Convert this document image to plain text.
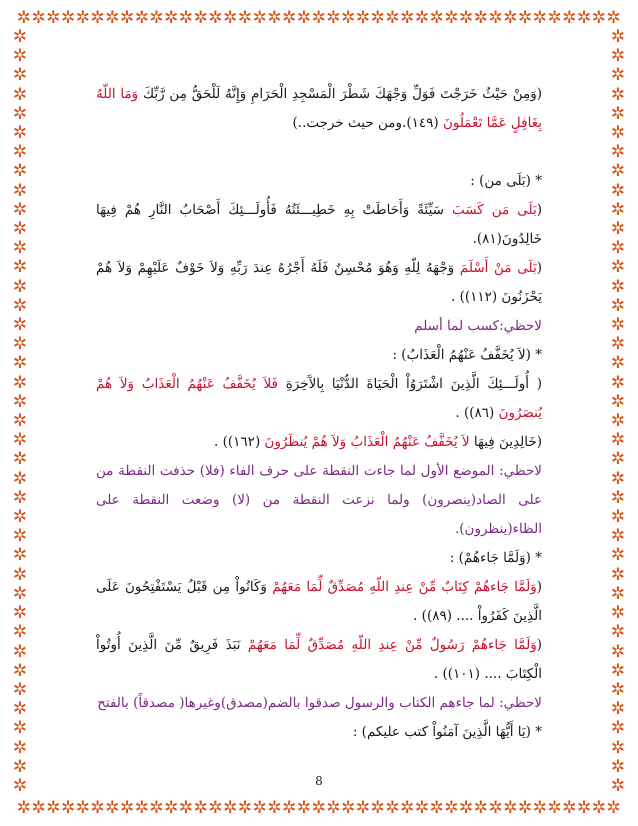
✲✲✲✲✲✲✲✲✲✲✲✲✲✲✲✲✲✲✲✲✲✲✲✲✲✲✲✲✲✲✲✲✲✲✲✲✲✲✲✲✲
✲✲✲✲✲✲✲✲✲✲✲✲✲✲✲✲✲✲✲✲✲✲✲✲✲✲✲✲✲✲✲✲✲✲✲✲✲✲✲✲✲
✲
✲
✲
✲
✲
✲
✲
✲
✲
✲
✲
✲
✲
✲
✲
✲
✲
✲
✲
✲
✲
✲
✲
✲
✲
✲
✲
✲
✲
✲
✲
✲
✲
✲
✲
✲
✲
✲
✲
✲
✲
✲
✲
✲
✲
✲
✲
✲
✲
✲
✲
✲
✲
✲
✲
✲
✲
✲
✲
✲
✲
✲
✲
✲
✲
✲
✲
✲
✲
✲
✲
✲
✲
✲
✲
✲
✲
✲
✲
✲

(وَمِنْ حَيْثُ خَرَجْتَ فَوَلِّ وَجْهَكَ شَطْرَ الْمَسْجِدِ الْحَرَامِ وَإِنَّهُ لَلْحَقُّ مِن رَّبِّكَ وَمَا اللّهُ بِغَافِلٍ عَمَّا تَعْمَلُونَ (١٤٩).ومن حيث خرجت..)

* (بَلَى من) :

(بَلَى مَن كَسَبَ سَيِّئَةً وَأَحَاطَتْ بِهِ خَطِيـــئَتُهُ فَأُولَـــئِكَ أَصْحَابُ النَّارِ هُمْ فِيهَا خَالِدُونَ(٨١).

(بَلَى مَنْ أَسْلَمَ وَجْهَهُ لِلّهِ وَهُوَ مُحْسِنٌ فَلَهُ أَجْرُهُ عِندَ رَبِّهِ وَلاَ خَوْفٌ عَلَيْهِمْ وَلاَ هُمْ يَحْزَنُونَ (١١٢)) .

لاحظي:كسب لما أسلم

* (لاَ يُخَفَّفُ عَنْهُمُ الْعَذَابُ) :

( أُولَـــئِكَ الَّذِينَ اشْتَرَوُاْ الْحَيَاةَ الدُّنْيَا بِالآَخِرَةِ فَلاَ يُخَفَّفُ عَنْهُمُ الْعَذَابُ وَلاَ هُمْ يُنصَرُونَ (٨٦)) .

(خَالِدِينَ فِيهَا لاَ يُخَفَّفُ عَنْهُمُ الْعَذَابُ وَلاَ هُمْ يُنظَرُونَ (١٦٢)) .

لاحظي: الموضع الأول لما جاءت النقطة على حرف الفاء (فلا) حذفت النقطة من على الصاد(ينصرون) ولما نزعت النقطة من (لا) وضعت النقطة على الظاء(ينظرون).

* (وَلَمَّا جَاءهُمْ) :

(وَلَمَّا جَاءهُمْ كِتَابٌ مِّنْ عِندِ اللّهِ مُصَدِّقٌ لِّمَا مَعَهُمْ وَكَانُواْ مِن قَبْلُ يَسْتَفْتِحُونَ عَلَى الَّذِينَ كَفَرُواْ .... (٨٩)) .

(وَلَمَّا جَاءهُمْ رَسُولٌ مِّنْ عِندِ اللّهِ مُصَدِّقٌ لِّمَا مَعَهُمْ نَبَذَ فَرِيقٌ مِّنَ الَّذِينَ أُوتُواْ الْكِتَابَ .... (١٠١)) .

لاحظي: لما جاءهم الكتاب والرسول صدقوا بالضم(مصدق)وغيرها( مصدقاً) بالفتح

* (يَا أَيُّهَا الَّذِينَ آمَنُواْ كتب عليكم) :

8
